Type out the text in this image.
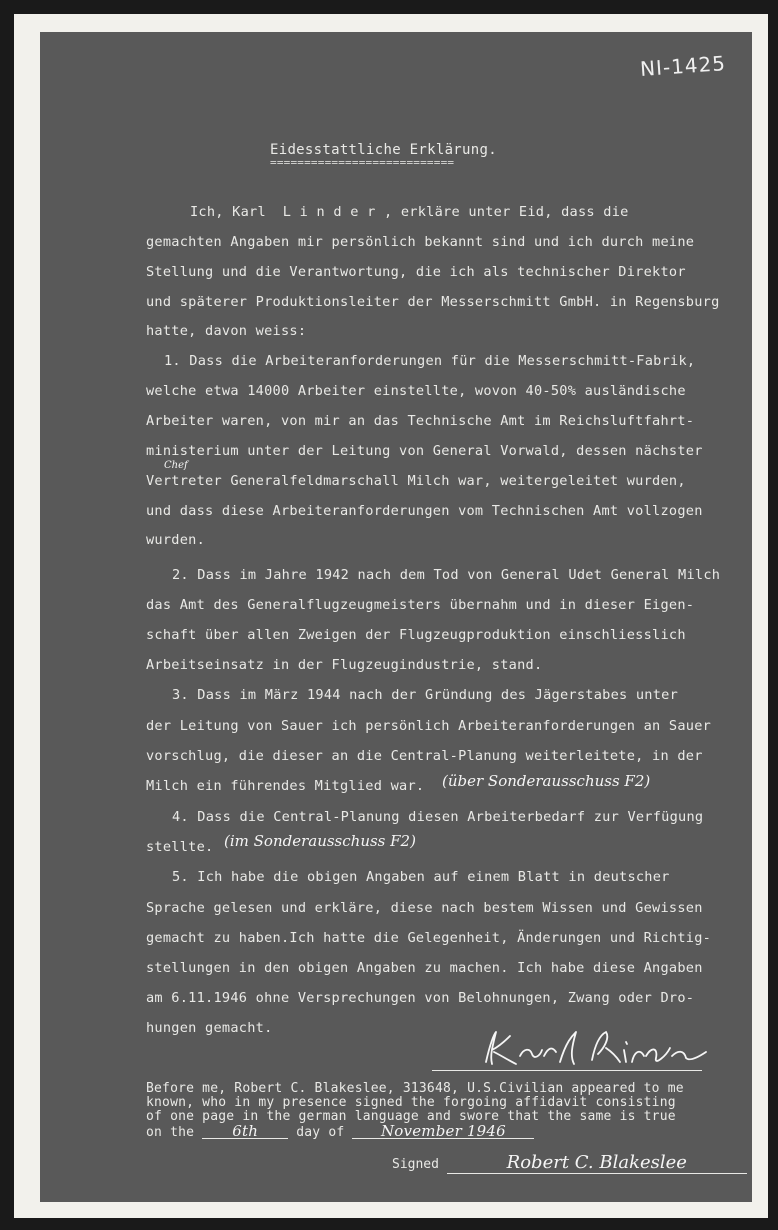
NI-1425
Eidesstattliche Erklärung.
===========================
Ich, Karl  L i n d e r , erkläre unter Eid, dass die
gemachten Angaben mir persönlich bekannt sind und ich durch meine
Stellung und die Verantwortung, die ich als technischer Direktor
und späterer Produktionsleiter der Messerschmitt GmbH. in Regensburg
hatte, davon weiss:
1. Dass die Arbeiteranforderungen für die Messerschmitt-Fabrik,
welche etwa 14000 Arbeiter einstellte, wovon 40-50% ausländische
Arbeiter waren, von mir an das Technische Amt im Reichsluftfahrt-
ministerium unter der Leitung von General Vorwald, dessen nächster
Vertreter Generalfeldmarschall Milch war, weitergeleitet wurden,
und dass diese Arbeiteranforderungen vom Technischen Amt vollzogen
wurden.
2. Dass im Jahre 1942 nach dem Tod von General Udet General Milch
das Amt des Generalflugzeugmeisters übernahm und in dieser Eigen-
schaft über allen Zweigen der Flugzeugproduktion einschliesslich
Arbeitseinsatz in der Flugzeugindustrie, stand.
3. Dass im März 1944 nach der Gründung des Jägerstabes unter
der Leitung von Sauer ich persönlich Arbeiteranforderungen an Sauer
vorschlug, die dieser an die Central-Planung weiterleitete, in der
Milch ein führendes Mitglied war.
4. Dass die Central-Planung diesen Arbeiterbedarf zur Verfügung
stellte.
5. Ich habe die obigen Angaben auf einem Blatt in deutscher
Sprache gelesen und erkläre, diese nach bestem Wissen und Gewissen
gemacht zu haben.Ich hatte die Gelegenheit, Änderungen und Richtig-
stellungen in den obigen Angaben zu machen. Ich habe diese Angaben
am 6.11.1946 ohne Versprechungen von Belohnungen, Zwang oder Dro-
hungen gemacht.
Chef
(über Sonderausschuss F2)
(im Sonderausschuss F2)
Before me, Robert C. Blakeslee, 313648, U.S.Civilian appeared to me
known, who in my presence signed the forgoing affidavit consisting
of one page in the german language and swore that the same is true
on the	6th	day of November 1946
Signed	Robert C. Blakeslee
